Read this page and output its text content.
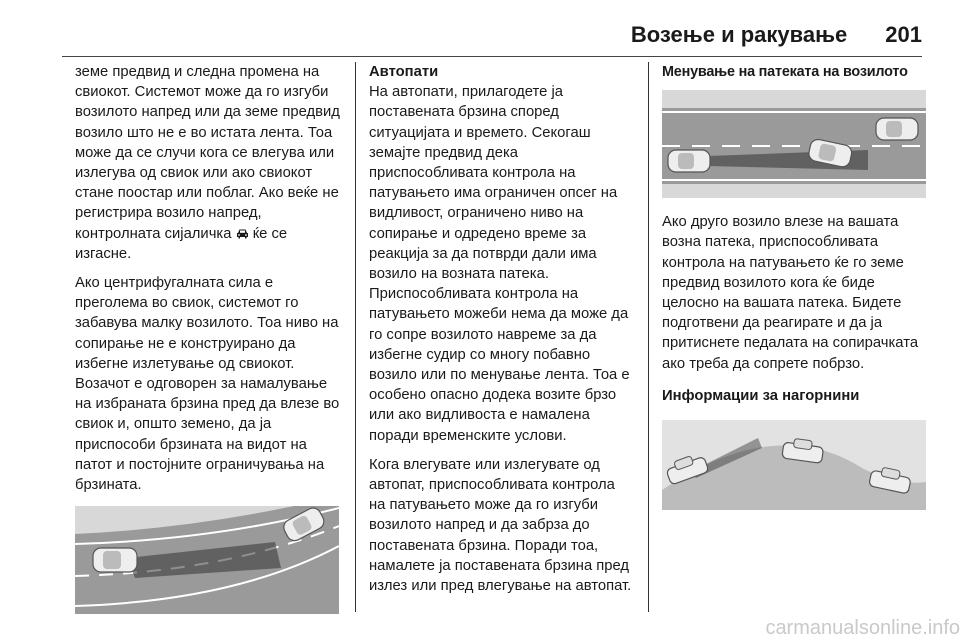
Возење и ракување 201

земе предвид и следна промена на свиокот. Системот може да го изгуби возилото напред или да земе предвид возило што не е во истата лента. Тоа може да се случи кога се влегува или излегува од свиок или ако свиокот стане поостар или поблаг. Ако веќе не регистрира возило напред, контролната сијаличка ќе се изгасне.

Ако центрифугалната сила е преголема во свиок, системот го забавува малку возилото. Тоа ниво на сопирање не е конструирано да избегне излетување од свиокот. Возачот е одговорен за намалување на избраната брзина пред да влезе во свиок и, општо земено, да ја приспособи брзината на видот на патот и постојните ограничувања на брзината.

Автопати

На автопати, прилагодете ја поставената брзина според ситуацијата и времето. Секогаш земајте предвид дека приспособливата контрола на патувањето има ограничен опсег на видливост, ограничено ниво на сопирање и одредено време за реакција за да потврди дали има возило на возната патека. Приспособливата контрола на патувањето можеби нема да може да го сопре возилото навреме за да избегне судир со многу побавно возило или по менување лента. Тоа е особено опасно додека возите брзо или ако видливоста е намалена поради временските услови.

Кога влегувате или излегувате од автопат, приспособливата контрола на патувањето може да го изгуби возилото напред и да забрза до поставената брзина. Поради тоа, намалете ја поставената брзина пред излез или пред влегување на автопат.

Менување на патеката на возилото

Ако друго возило влезе на вашата возна патека, приспособливата контрола на патувањето ќе го земе предвид возилото кога ќе биде целосно на вашата патека. Бидете подготвени да реагирате и да ја притиснете педалата на сопирачката ако треба да сопрете побрзо.

Информации за нагорнини

carmanualsonline.info
